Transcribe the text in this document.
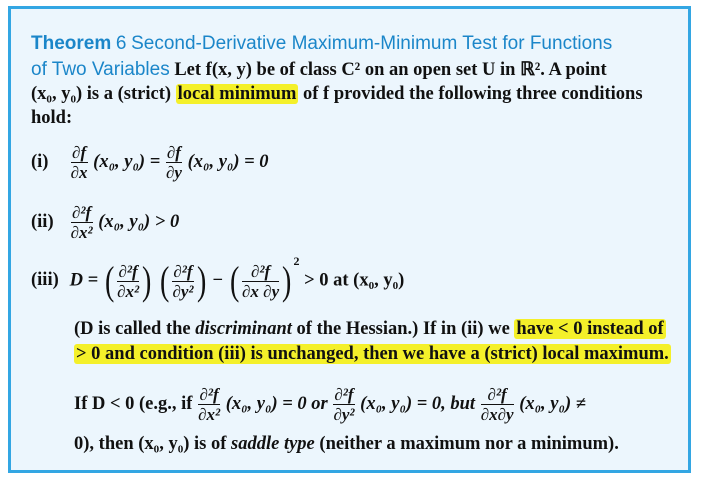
Theorem 6 Second-Derivative Maximum-Minimum Test for Functions
of Two Variables Let f(x, y) be of class C² on an open set U in ℝ². A point
(x₀, y₀) is a (strict) local minimum of f provided the following three conditions
hold:
$(i) \frac{\partial f}{\partial x} (x_0$, $y_0) = \frac{\partial f}{\partial y} (x_0$, y₀) = 0
$(ii) \frac{\text{∂²f}}{\text{∂x²}} (x_0$, y₀) > 0
(iii) D = ( $\frac{\text{∂²f}}{\text{∂x²}}$ ) ( $\frac{\text{∂²f}}{\text{∂y²}}$ ) − ( $\frac{\text{∂²f}}{\partial x \partial y}$ ) $^2$ > 0 at (x₀, y₀)
(D is called the discriminant of the Hessian.) If in (ii) we have < 0 instead of
> 0 and condition (iii) is unchanged, then we have a (strict) local maximum.
If D < 0 (e.g., if $\frac{\text{∂²f}}{\text{∂x²}} (x_0$, y₀) = 0 or $\frac{\text{∂²f}}{\text{∂y²}} (x_0$, y₀) = 0, but $\frac{\text{∂²f}}{\partial x\partial y} (x_0$, y₀) ≠
0), then (x₀, y₀) is of saddle type (neither a maximum nor a minimum).
